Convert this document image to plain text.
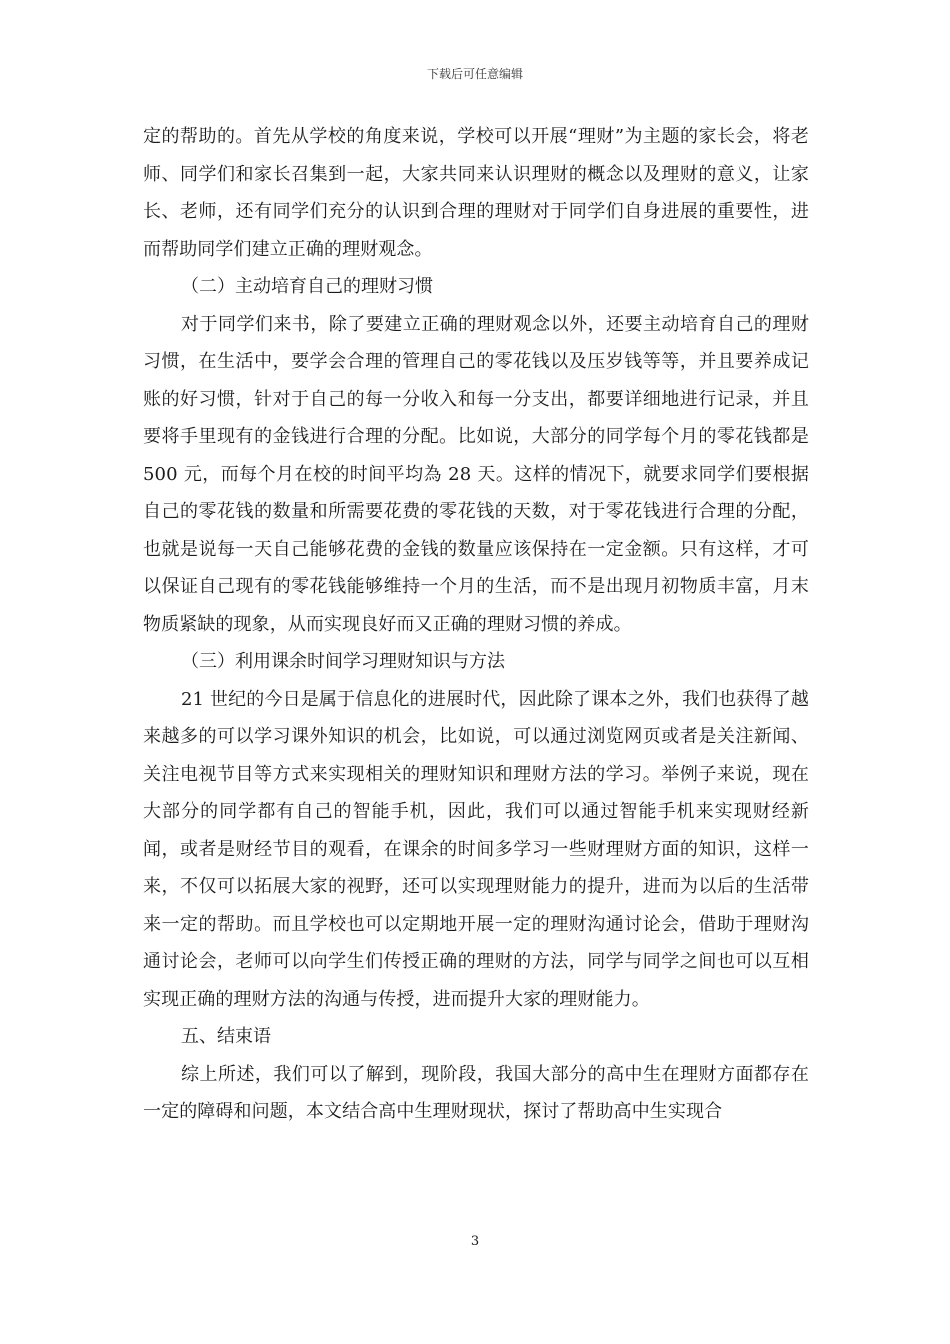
下载后可任意编辑

定的帮助的。首先从学校的角度来说，学校可以开展“理财”为主题的家长会，将老师、同学们和家长召集到一起，大家共同来认识理财的概念以及理财的意义，让家长、老师，还有同学们充分的认识到合理的理财对于同学们自身进展的重要性，进而帮助同学们建立正确的理财观念。

（二）主动培育自己的理财习惯

对于同学们来书，除了要建立正确的理财观念以外，还要主动培育自己的理财习惯，在生活中，要学会合理的管理自己的零花钱以及压岁钱等等，并且要养成记账的好习惯，针对于自己的每一分收入和每一分支出，都要详细地进行记录，并且要将手里现有的金钱进行合理的分配。比如说，大部分的同学每个月的零花钱都是 500 元，而每个月在校的时间平均為 28 天。这样的情况下，就要求同学们要根据自己的零花钱的数量和所需要花费的零花钱的天数，对于零花钱进行合理的分配，也就是说每一天自己能够花费的金钱的数量应该保持在一定金额。只有这样，才可以保证自己现有的零花钱能够维持一个月的生活，而不是出现月初物质丰富，月末物质紧缺的现象，从而实现良好而又正确的理财习惯的养成。

（三）利用课余时间学习理财知识与方法

21 世纪的今日是属于信息化的进展时代，因此除了课本之外，我们也获得了越来越多的可以学习课外知识的机会，比如说，可以通过浏览网页或者是关注新闻、关注电视节目等方式来实现相关的理财知识和理财方法的学习。举例子来说，现在大部分的同学都有自己的智能手机，因此，我们可以通过智能手机来实现财经新闻，或者是财经节目的观看，在课余的时间多学习一些财理财方面的知识，这样一来，不仅可以拓展大家的视野，还可以实现理财能力的提升，进而为以后的生活带来一定的帮助。而且学校也可以定期地开展一定的理财沟通讨论会，借助于理财沟通讨论会，老师可以向学生们传授正确的理财的方法，同学与同学之间也可以互相实现正确的理财方法的沟通与传授，进而提升大家的理财能力。

五、结束语

综上所述，我们可以了解到，现阶段，我国大部分的高中生在理财方面都存在一定的障碍和问题，本文结合高中生理财现状，探讨了帮助高中生实现合

3
